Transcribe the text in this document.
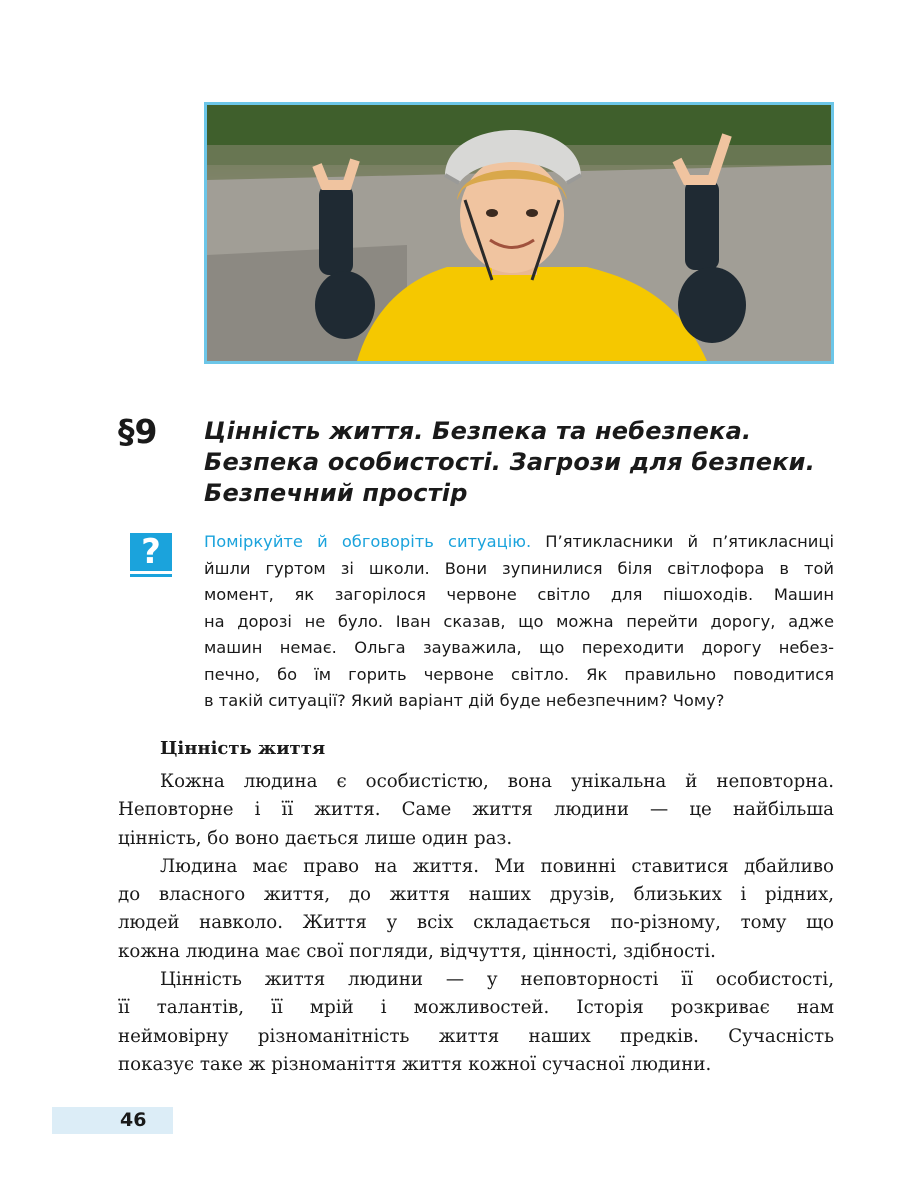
§9 Цінність життя. Безпека та небезпека.
Безпека особистості. Загрози для безпеки.
Безпечний простір
?	Поміркуйте й обговоріть ситуацію. П’ятикласники й п’ятикласниці
йшли гуртом зі школи. Вони зупинилися біля світлофора в той
момент, як загорілося червоне світло для пішоходів. Машин
на дорозі не було. Іван сказав, що можна перейти дорогу, адже
машин немає. Ольга зауважила, що переходити дорогу небез-
печно, бо їм горить червоне світло. Як правильно поводитися
в такій ситуації? Який варіант дій буде небезпечним? Чому?
Цінність життя
Кожна людина є особистістю, вона унікальна й неповторна.
Неповторне і її життя. Саме життя людини — це найбільша
цінність, бо воно дається лише один раз.
Людина має право на життя. Ми повинні ставитися дбайливо
до власного життя, до життя наших друзів, близьких і рідних,
людей навколо. Життя у всіх складається по-різному, тому що
кожна людина має свої погляди, відчуття, цінності, здібності.
Цінність життя людини — у неповторності її особистості,
її талантів, її мрій і можливостей. Історія розкриває нам
неймовірну різноманітність життя наших предків. Сучасність
показує таке ж різноманіття життя кожної сучасної людини.
46
